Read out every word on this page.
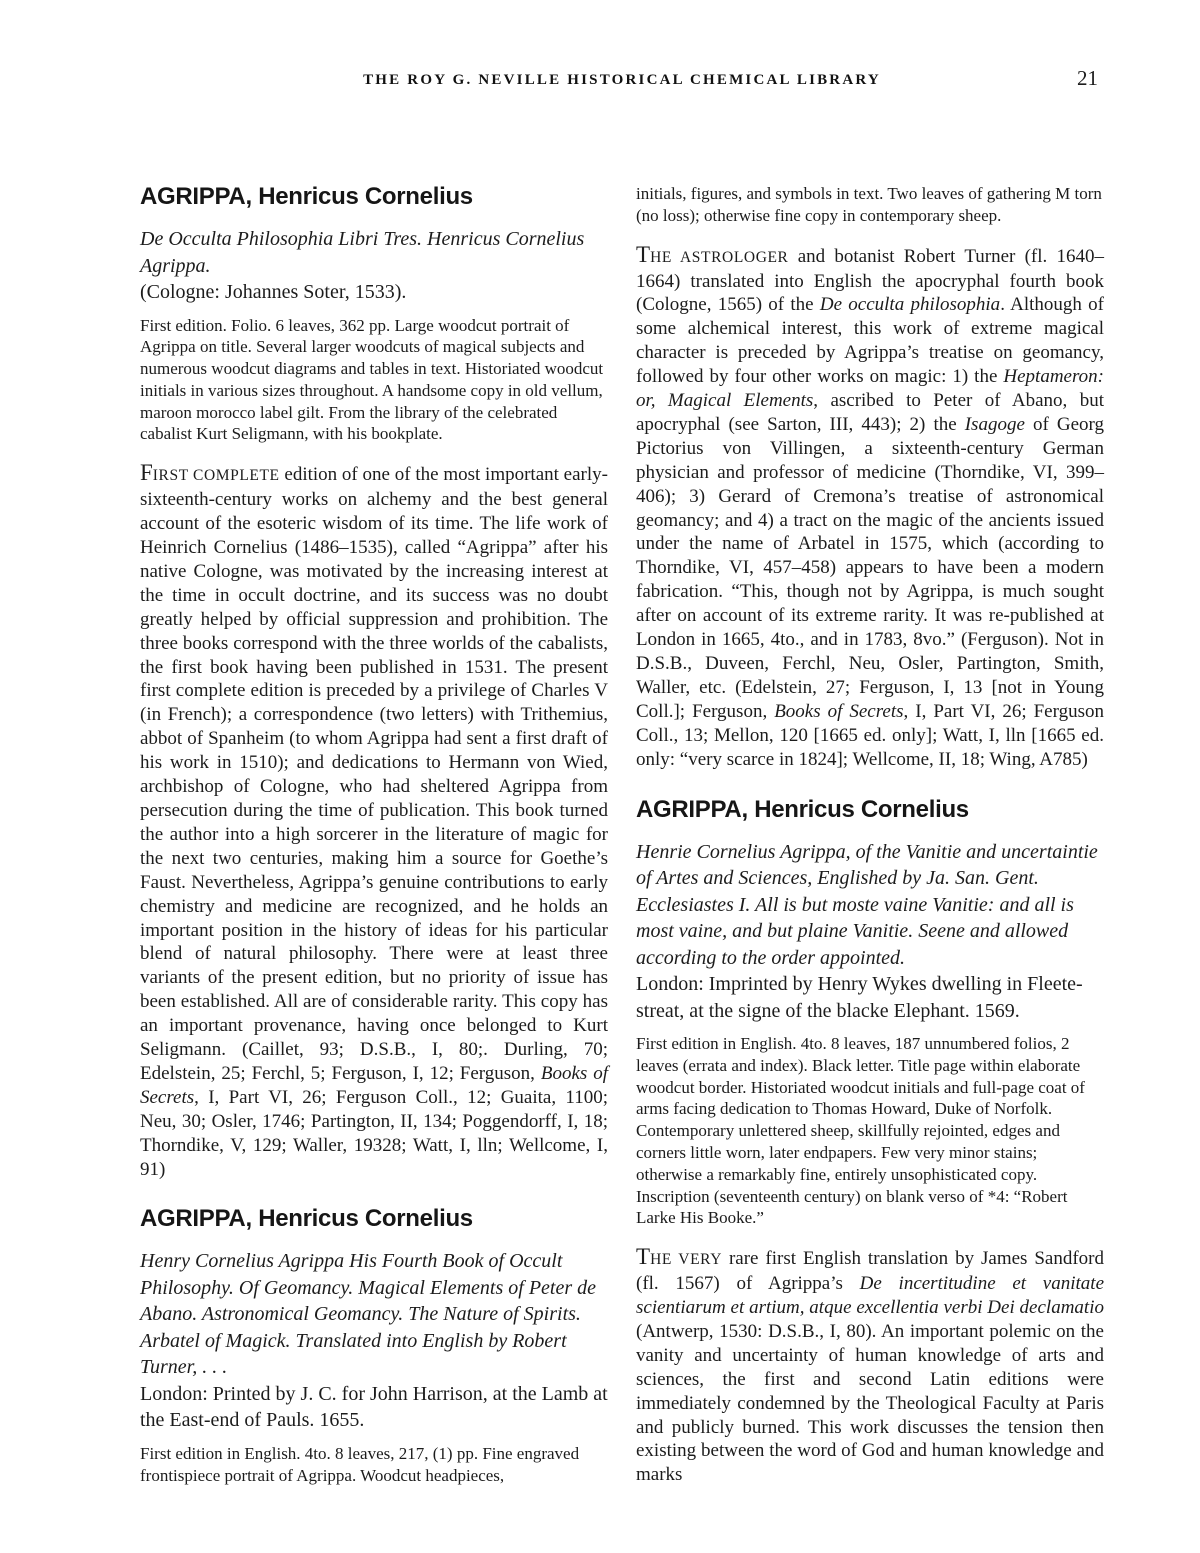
THE ROY G. NEVILLE HISTORICAL CHEMICAL LIBRARY	21
AGRIPPA, Henricus Cornelius
De Occulta Philosophia Libri Tres. Henricus Cornelius Agrippa.
(Cologne: Johannes Soter, 1533).

First edition. Folio. 6 leaves, 362 pp. Large woodcut portrait of Agrippa on title. Several larger woodcuts of magical subjects and numerous woodcut diagrams and tables in text. Historiated woodcut initials in various sizes throughout. A handsome copy in old vellum, maroon morocco label gilt. From the library of the celebrated cabalist Kurt Seligmann, with his bookplate.

FIRST COMPLETE edition of one of the most important early-sixteenth-century works on alchemy and the best general account of the esoteric wisdom of its time. The life work of Heinrich Cornelius (1486–1535), called “Agrippa” after his native Cologne, was motivated by the increasing interest at the time in occult doctrine, and its success was no doubt greatly helped by official suppression and prohibition. The three books correspond with the three worlds of the cabalists, the first book having been published in 1531. The present first complete edition is preceded by a privilege of Charles V (in French); a correspondence (two letters) with Trithemius, abbot of Spanheim (to whom Agrippa had sent a first draft of his work in 1510); and dedications to Hermann von Wied, archbishop of Cologne, who had sheltered Agrippa from persecution during the time of publication. This book turned the author into a high sorcerer in the literature of magic for the next two centuries, making him a source for Goethe’s Faust. Nevertheless, Agrippa’s genuine contributions to early chemistry and medicine are recognized, and he holds an important position in the history of ideas for his particular blend of natural philosophy. There were at least three variants of the present edition, but no priority of issue has been established. All are of considerable rarity. This copy has an important provenance, having once belonged to Kurt Seligmann. (Caillet, 93; D.S.B., I, 80;. Durling, 70; Edelstein, 25; Ferchl, 5; Ferguson, I, 12; Ferguson, Books of Secrets, I, Part VI, 26; Ferguson Coll., 12; Guaita, 1100; Neu, 30; Osler, 1746; Partington, II, 134; Poggendorff, I, 18; Thorndike, V, 129; Waller, 19328; Watt, I, lln; Wellcome, I, 91)

AGRIPPA, Henricus Cornelius
Henry Cornelius Agrippa His Fourth Book of Occult Philosophy. Of Geomancy. Magical Elements of Peter de Abano. Astronomical Geomancy. The Nature of Spirits. Arbatel of Magick. Translated into English by Robert Turner, . . .
London: Printed by J. C. for John Harrison, at the Lamb at the East-end of Pauls. 1655.

First edition in English. 4to. 8 leaves, 217, (1) pp. Fine engraved frontispiece portrait of Agrippa. Woodcut headpieces,

initials, figures, and symbols in text. Two leaves of gathering M torn (no loss); otherwise fine copy in contemporary sheep.

THE ASTROLOGER and botanist Robert Turner (fl. 1640–1664) translated into English the apocryphal fourth book (Cologne, 1565) of the De occulta philosophia. Although of some alchemical interest, this work of extreme magical character is preceded by Agrippa’s treatise on geomancy, followed by four other works on magic: 1) the Heptameron: or, Magical Elements, ascribed to Peter of Abano, but apocryphal (see Sarton, III, 443); 2) the Isagoge of Georg Pictorius von Villingen, a sixteenth-century German physician and professor of medicine (Thorndike, VI, 399–406); 3) Gerard of Cremona’s treatise of astronomical geomancy; and 4) a tract on the magic of the ancients issued under the name of Arbatel in 1575, which (according to Thorndike, VI, 457–458) appears to have been a modern fabrication. “This, though not by Agrippa, is much sought after on account of its extreme rarity. It was re-published at London in 1665, 4to., and in 1783, 8vo.” (Ferguson). Not in D.S.B., Duveen, Ferchl, Neu, Osler, Partington, Smith, Waller, etc. (Edelstein, 27; Ferguson, I, 13 [not in Young Coll.]; Ferguson, Books of Secrets, I, Part VI, 26; Ferguson Coll., 13; Mellon, 120 [1665 ed. only]; Watt, I, lln [1665 ed. only: “very scarce in 1824]; Wellcome, II, 18; Wing, A785)

AGRIPPA, Henricus Cornelius
Henrie Cornelius Agrippa, of the Vanitie and uncertaintie of Artes and Sciences, Englished by Ja. San. Gent. Ecclesiastes I. All is but moste vaine Vanitie: and all is most vaine, and but plaine Vanitie. Seene and allowed according to the order appointed.
London: Imprinted by Henry Wykes dwelling in Fleete-streat, at the signe of the blacke Elephant. 1569.

First edition in English. 4to. 8 leaves, 187 unnumbered folios, 2 leaves (errata and index). Black letter. Title page within elaborate woodcut border. Historiated woodcut initials and full-page coat of arms facing dedication to Thomas Howard, Duke of Norfolk. Contemporary unlettered sheep, skillfully rejointed, edges and corners little worn, later endpapers. Few very minor stains; otherwise a remarkably fine, entirely unsophisticated copy. Inscription (seventeenth century) on blank verso of *4: “Robert Larke His Booke.”

THE VERY rare first English translation by James Sandford (fl. 1567) of Agrippa’s De incertitudine et vanitate scientiarum et artium, atque excellentia verbi Dei declamatio (Antwerp, 1530: D.S.B., I, 80). An important polemic on the vanity and uncertainty of human knowledge of arts and sciences, the first and second Latin editions were immediately condemned by the Theological Faculty at Paris and publicly burned. This work discusses the tension then existing between the word of God and human knowledge and marks
